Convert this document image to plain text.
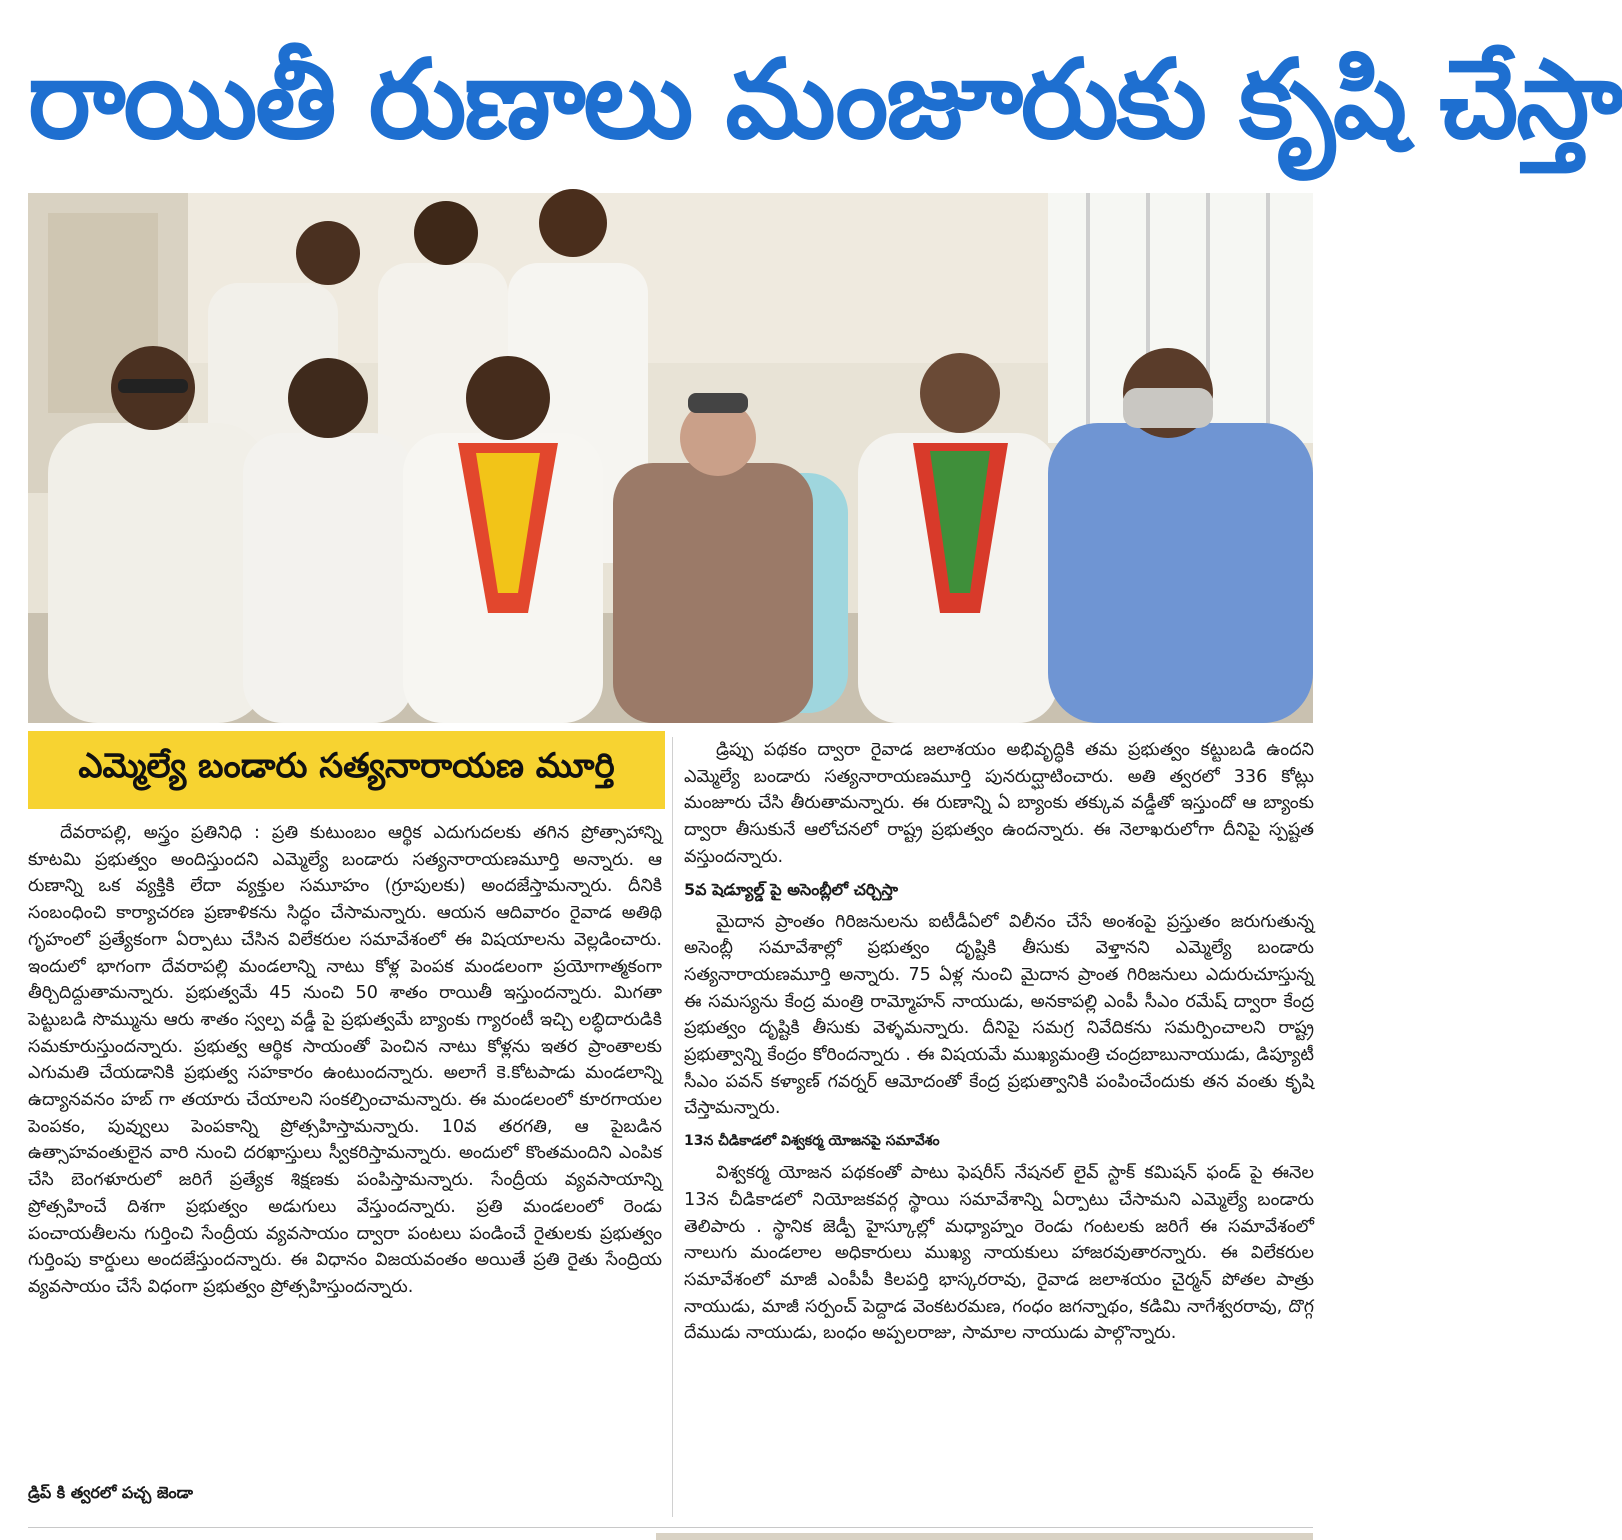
రాయితీ రుణాలు మంజూరుకు కృషి చేస్తా
ఎమ్మెల్యే బండారు సత్యనారాయణ మూర్తి

దేవరాపల్లి, అస్త్రం ప్రతినిధి : ప్రతి కుటుంబం ఆర్థిక ఎదుగుదలకు తగిన ప్రోత్సాహాన్ని కూటమి ప్రభుత్వం అందిస్తుందని ఎమ్మెల్యే బండారు సత్యనారాయణమూర్తి అన్నారు. ఆ రుణాన్ని ఒక వ్యక్తికి లేదా వ్యక్తుల సమూహం (గ్రూపులకు) అందజేస్తామన్నారు. దీనికి సంబంధించి కార్యాచరణ ప్రణాళికను సిద్ధం చేసామన్నారు. ఆయన ఆదివారం రైవాడ అతిథి గృహంలో ప్రత్యేకంగా ఏర్పాటు చేసిన విలేకరుల సమావేశంలో ఈ విషయాలను వెల్లడించారు. ఇందులో భాగంగా దేవరాపల్లి మండలాన్ని నాటు కోళ్ల పెంపక మండలంగా ప్రయోగాత్మకంగా తీర్చిదిద్దుతామన్నారు. ప్రభుత్వమే 45 నుంచి 50 శాతం రాయితీ ఇస్తుందన్నారు. మిగతా పెట్టుబడి సొమ్మును ఆరు శాతం స్వల్ప వడ్డీ పై ప్రభుత్వమే బ్యాంకు గ్యారంటీ ఇచ్చి లబ్ధిదారుడికి సమకూరుస్తుందన్నారు. ప్రభుత్వ ఆర్థిక సాయంతో పెంచిన నాటు కోళ్లను ఇతర ప్రాంతాలకు ఎగుమతి చేయడానికి ప్రభుత్వ సహకారం ఉంటుందన్నారు. అలాగే కె.కోటపాడు మండలాన్ని ఉద్యానవనం హబ్ గా తయారు చేయాలని సంకల్పించామన్నారు. ఈ మండలంలో కూరగాయల పెంపకం, పువ్వులు పెంపకాన్ని ప్రోత్సహిస్తామన్నారు. 10వ తరగతి, ఆ పైబడిన ఉత్సాహవంతులైన వారి నుంచి దరఖాస్తులు స్వీకరిస్తామన్నారు. అందులో కొంతమందిని ఎంపిక చేసి బెంగళూరులో జరిగే ప్రత్యేక శిక్షణకు పంపిస్తామన్నారు. సేంద్రీయ వ్యవసాయాన్ని ప్రోత్సహించే దిశగా ప్రభుత్వం అడుగులు వేస్తుందన్నారు. ప్రతి మండలంలో రెండు పంచాయతీలను గుర్తించి సేంద్రీయ వ్యవసాయం ద్వారా పంటలు పండించే రైతులకు ప్రభుత్వం గుర్తింపు కార్డులు అందజేస్తుందన్నారు. ఈ విధానం విజయవంతం అయితే ప్రతి రైతు సేంద్రియ వ్యవసాయం చేసే విధంగా ప్రభుత్వం ప్రోత్సహిస్తుందన్నారు.

డ్రిప్ కి త్వరలో పచ్చ జెండా

డ్రిప్పు పథకం ద్వారా రైవాడ జలాశయం అభివృద్ధికి తమ ప్రభుత్వం కట్టుబడి ఉందని ఎమ్మెల్యే బండారు సత్యనారాయణమూర్తి పునరుద్ఘాటించారు. అతి త్వరలో 336 కోట్లు మంజూరు చేసి తీరుతామన్నారు. ఈ రుణాన్ని ఏ బ్యాంకు తక్కువ వడ్డీతో ఇస్తుందో ఆ బ్యాంకు ద్వారా తీసుకునే ఆలోచనలో రాష్ట్ర ప్రభుత్వం ఉందన్నారు. ఈ నెలాఖరులోగా దీనిపై స్పష్టత వస్తుందన్నారు.

5వ షెడ్యూల్డ్ పై అసెంబ్లీలో చర్చిస్తా

మైదాన ప్రాంతం గిరిజనులను ఐటీడీఏలో విలీనం చేసే అంశంపై ప్రస్తుతం జరుగుతున్న అసెంబ్లీ సమావేశాల్లో ప్రభుత్వం దృష్టికి తీసుకు వెళ్తానని ఎమ్మెల్యే బండారు సత్యనారాయణమూర్తి అన్నారు. 75 ఏళ్ల నుంచి మైదాన ప్రాంత గిరిజనులు ఎదురుచూస్తున్న ఈ సమస్యను కేంద్ర మంత్రి రామ్మోహన్ నాయుడు, అనకాపల్లి ఎంపీ సీఎం రమేష్ ద్వారా కేంద్ర ప్రభుత్వం దృష్టికి తీసుకు వెళ్ళమన్నారు. దీనిపై సమగ్ర నివేదికను సమర్పించాలని రాష్ట్ర ప్రభుత్వాన్ని కేంద్రం కోరిందన్నారు . ఈ విషయమే ముఖ్యమంత్రి చంద్రబాబునాయుడు, డిప్యూటీ సీఎం పవన్ కళ్యాణ్ గవర్నర్ ఆమోదంతో కేంద్ర ప్రభుత్వానికి పంపించేందుకు తన వంతు కృషి చేస్తామన్నారు.

13న చీడికాడలో విశ్వకర్మ యోజనపై సమావేశం

విశ్వకర్మ యోజన పథకంతో పాటు ఫెషరీస్ నేషనల్ లైవ్ స్టాక్ కమిషన్ ఫండ్ పై ఈనెల 13న చీడికాడలో నియోజకవర్గ స్థాయి సమావేశాన్ని ఏర్పాటు చేసామని ఎమ్మెల్యే బండారు తెలిపారు . స్థానిక జెడ్పీ హైస్కూల్లో మధ్యాహ్నం రెండు గంటలకు జరిగే ఈ సమావేశంలో నాలుగు మండలాల అధికారులు ముఖ్య నాయకులు హాజరవుతారన్నారు. ఈ విలేకరుల సమావేశంలో మాజీ ఎంపీపీ కిలపర్తి భాస్కరరావు, రైవాడ జలాశయం చైర్మన్ పోతల పాత్రు నాయుడు, మాజీ సర్పంచ్ పెద్దాడ వెంకటరమణ, గంధం జగన్నాథం, కడిమి నాగేశ్వరరావు, దొగ్గ దేముడు నాయుడు, బంధం అప్పలరాజు, సామాల నాయుడు పాల్గొన్నారు.
